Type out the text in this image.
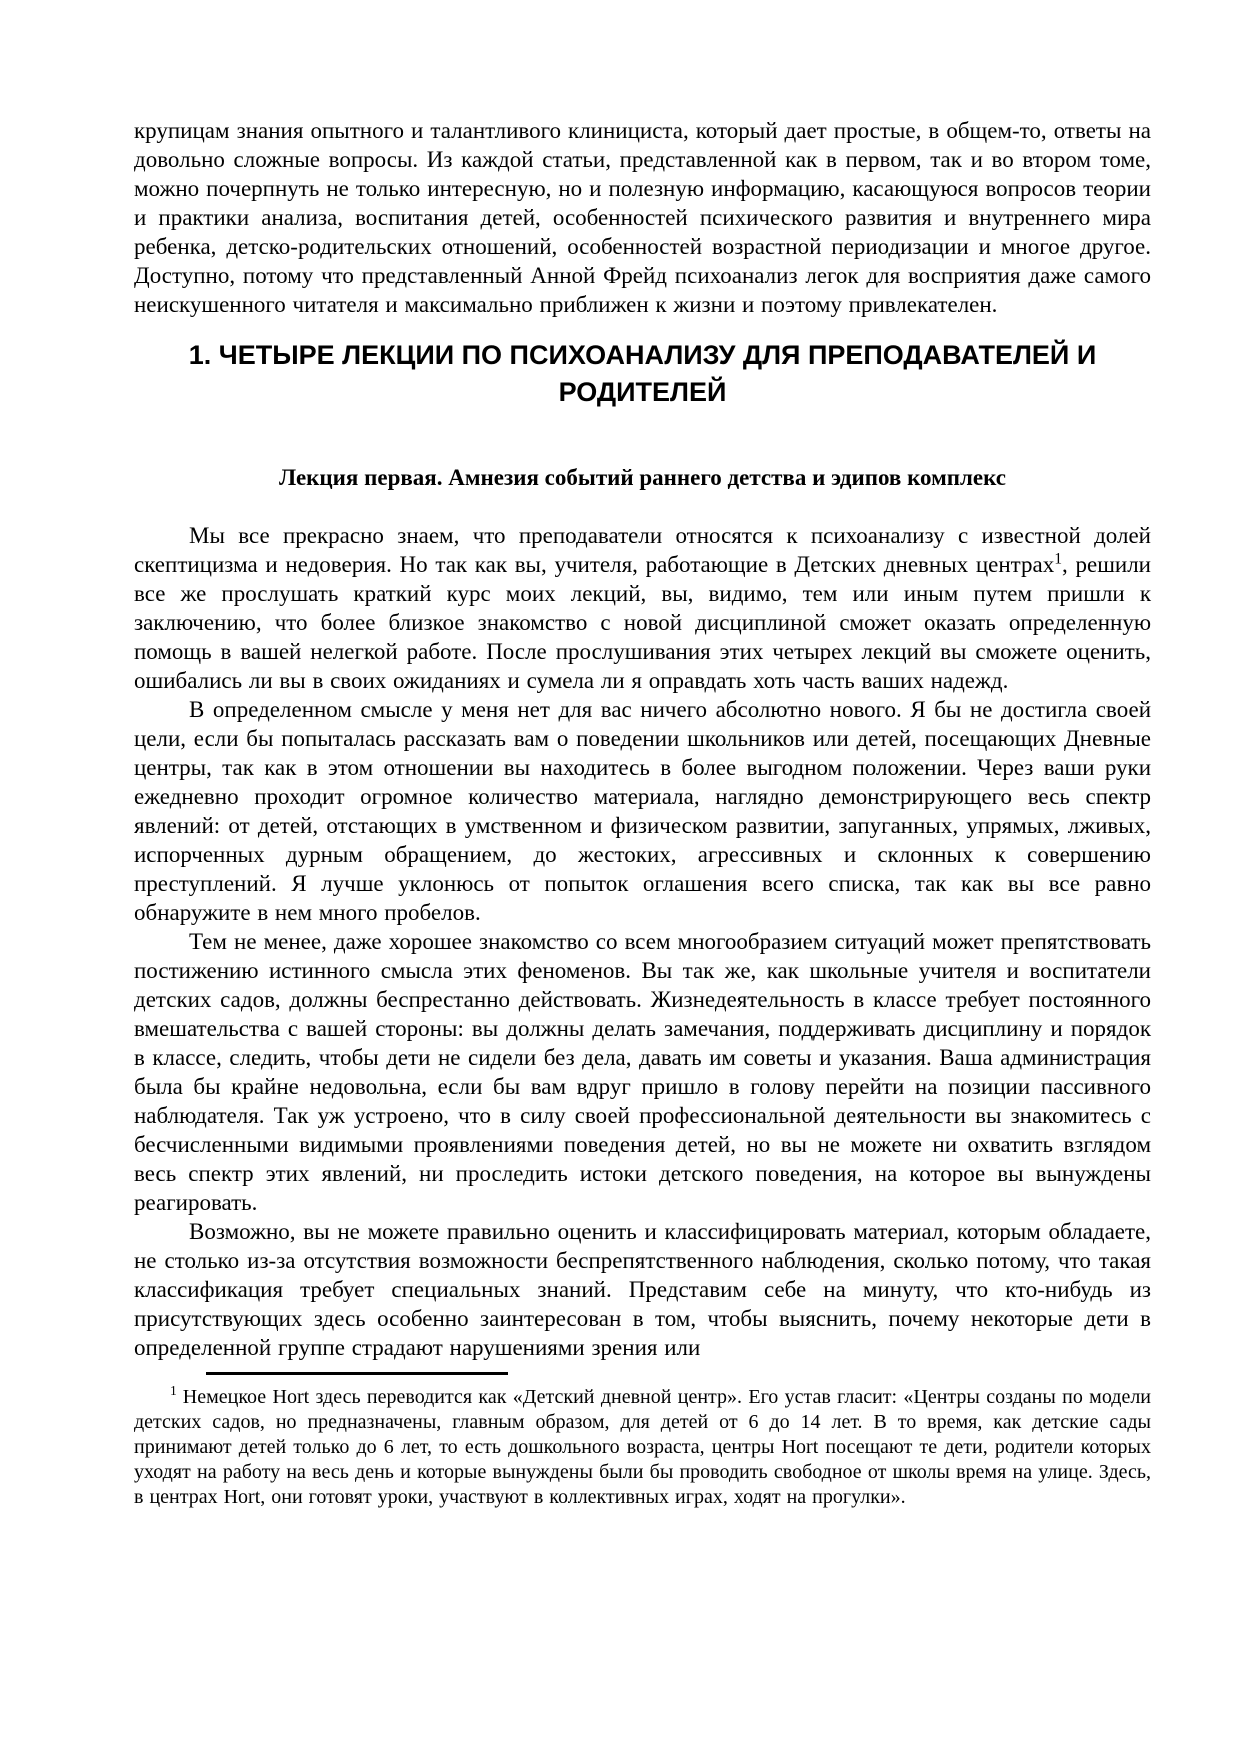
крупицам знания опытного и талантливого клинициста, который дает простые, в общем-то, ответы на довольно сложные вопросы. Из каждой статьи, представленной как в первом, так и во втором томе, можно почерпнуть не только интересную, но и полезную информацию, касающуюся вопросов теории и практики анализа, воспитания детей, особенностей психического развития и внутреннего мира ребенка, детско-родительских отношений, особенностей возрастной периодизации и многое другое. Доступно, потому что представленный Анной Фрейд психоанализ легок для восприятия даже самого неискушенного читателя и максимально приближен к жизни и поэтому привлекателен.

1. ЧЕТЫРЕ ЛЕКЦИИ ПО ПСИХОАНАЛИЗУ ДЛЯ ПРЕПОДАВАТЕЛЕЙ И РОДИТЕЛЕЙ
Лекция первая. Амнезия событий раннего детства и эдипов комплекс

Мы все прекрасно знаем, что преподаватели относятся к психоанализу с известной долей скептицизма и недоверия. Но так как вы, учителя, работающие в Детских дневных центрах$^1$, решили все же прослушать краткий курс моих лекций, вы, видимо, тем или иным путем пришли к заключению, что более близкое знакомство с новой дисциплиной сможет оказать определенную помощь в вашей нелегкой работе. После прослушивания этих четырех лекций вы сможете оценить, ошибались ли вы в своих ожиданиях и сумела ли я оправдать хоть часть ваших надежд.

В определенном смысле у меня нет для вас ничего абсолютно нового. Я бы не достигла своей цели, если бы попыталась рассказать вам о поведении школьников или детей, посещающих Дневные центры, так как в этом отношении вы находитесь в более выгодном положении. Через ваши руки ежедневно проходит огромное количество материала, наглядно демонстрирующего весь спектр явлений: от детей, отстающих в умственном и физическом развитии, запуганных, упрямых, лживых, испорченных дурным обращением, до жестоких, агрессивных и склонных к совершению преступлений. Я лучше уклонюсь от попыток оглашения всего списка, так как вы все равно обнаружите в нем много пробелов.

Тем не менее, даже хорошее знакомство со всем многообразием ситуаций может препятствовать постижению истинного смысла этих феноменов. Вы так же, как школьные учителя и воспитатели детских садов, должны беспрестанно действовать. Жизнедеятельность в классе требует постоянного вмешательства с вашей стороны: вы должны делать замечания, поддерживать дисциплину и порядок в классе, следить, чтобы дети не сидели без дела, давать им советы и указания. Ваша администрация была бы крайне недовольна, если бы вам вдруг пришло в голову перейти на позиции пассивного наблюдателя. Так уж устроено, что в силу своей профессиональной деятельности вы знакомитесь с бесчисленными видимыми проявлениями поведения детей, но вы не можете ни охватить взглядом весь спектр этих явлений, ни проследить истоки детского поведения, на которое вы вынуждены реагировать.

Возможно, вы не можете правильно оценить и классифицировать материал, которым обладаете, не столько из-за отсутствия возможности беспрепятственного наблюдения, сколько потому, что такая классификация требует специальных знаний. Представим себе на минуту, что кто-нибудь из присутствующих здесь особенно заинтересован в том, чтобы выяснить, почему некоторые дети в определенной группе страдают нарушениями зрения или

$^1$ Немецкое Hort здесь переводится как «Детский дневной центр». Его устав гласит: «Центры созданы по модели детских садов, но предназначены, главным образом, для детей от 6 до 14 лет. В то время, как детские сады принимают детей только до 6 лет, то есть дошкольного возраста, центры Hort посещают те дети, родители которых уходят на работу на весь день и которые вынуждены были бы проводить свободное от школы время на улице. Здесь, в центрах Hort, они готовят уроки, участвуют в коллективных играх, ходят на прогулки».
